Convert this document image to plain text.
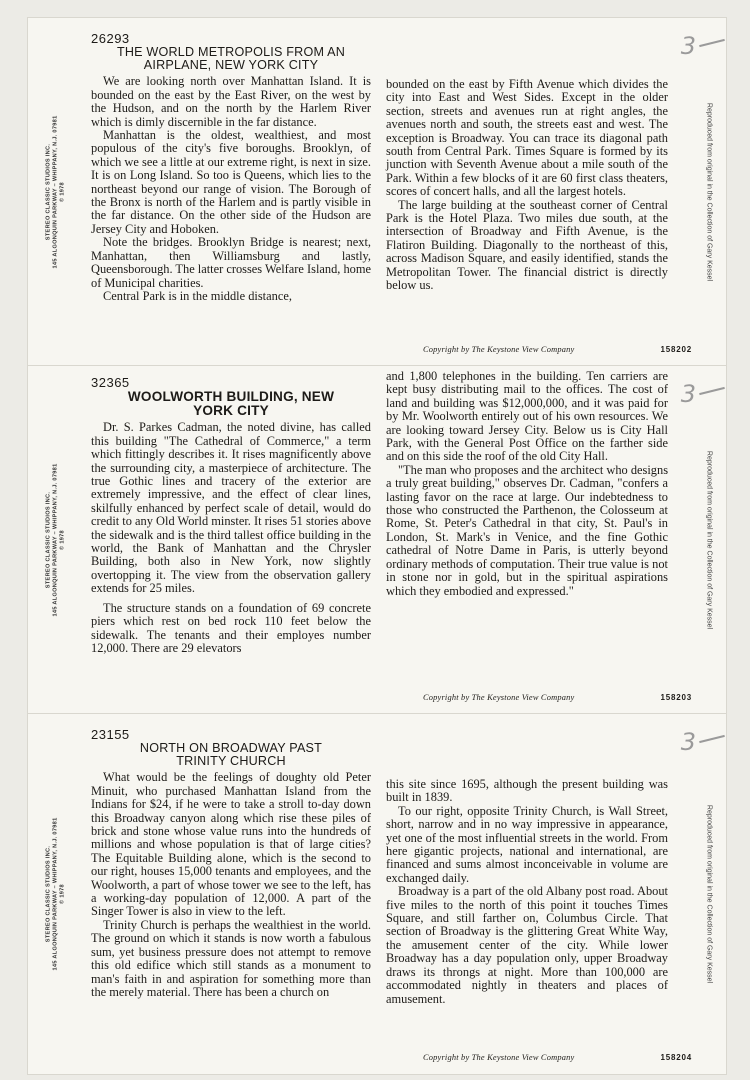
STEREO CLASSIC STUDIOS INC. 145 ALGONQUIN PARKWAY – WHIPPANY, N.J. 07981 © 1978
3
26293
THE WORLD METROPOLIS FROM AN
AIRPLANE, NEW YORK CITY

We are looking north over Manhattan Island. It is bounded on the east by the East River, on the west by the Hudson, and on the north by the Harlem River which is dimly discernible in the far distance.

Manhattan is the oldest, wealthiest, and most populous of the city's five boroughs. Brooklyn, of which we see a little at our extreme right, is next in size. It is on Long Island. So too is Queens, which lies to the northeast beyond our range of vision. The Borough of the Bronx is north of the Harlem and is partly visible in the far distance. On the other side of the Hudson are Jersey City and Hoboken.

Note the bridges. Brooklyn Bridge is nearest; next, Manhattan, then Williamsburg and lastly, Queensborough. The latter crosses Welfare Island, home of Municipal charities.

Central Park is in the middle distance,

bounded on the east by Fifth Avenue which divides the city into East and West Sides. Except in the older section, streets and avenues run at right angles, the avenues north and south, the streets east and west. The exception is Broadway. You can trace its diagonal path south from Central Park. Times Square is formed by its junction with Seventh Avenue about a mile south of the Park. Within a few blocks of it are 60 first class theaters, scores of concert halls, and all the largest hotels.

The large building at the southeast corner of Central Park is the Hotel Plaza. Two miles due south, at the intersection of Broadway and Fifth Avenue, is the Flatiron Building. Diagonally to the northeast of this, across Madison Square, and easily identified, stands the Metropolitan Tower. The financial district is directly below us.

Copyright by The Keystone View Company	158202
Reproduced from original in the Collection of Gary Kessel
STEREO CLASSIC STUDIOS INC. 145 ALGONQUIN PARKWAY – WHIPPANY, N.J. 07981 © 1978
3
32365
WOOLWORTH BUILDING, NEW
YORK CITY

Dr. S. Parkes Cadman, the noted divine, has called this building "The Cathedral of Commerce," a term which fittingly describes it. It rises magnificently above the surrounding city, a masterpiece of architecture. The true Gothic lines and tracery of the exterior are extremely impressive, and the effect of clear lines, skilfully enhanced by perfect scale of detail, would do credit to any Old World minster. It rises 51 stories above the sidewalk and is the third tallest office building in the world, the Bank of Manhattan and the Chrysler Building, both also in New York, now slightly overtopping it. The view from the observation gallery extends for 25 miles.

The structure stands on a foundation of 69 concrete piers which rest on bed rock 110 feet below the sidewalk. The tenants and their employes number 12,000. There are 29 elevators

and 1,800 telephones in the building. Ten carriers are kept busy distributing mail to the offices. The cost of land and building was $12,000,000, and it was paid for by Mr. Woolworth entirely out of his own resources. We are looking toward Jersey City. Below us is City Hall Park, with the General Post Office on the farther side and on this side the roof of the old City Hall.

"The man who proposes and the architect who designs a truly great building," observes Dr. Cadman, "confers a lasting favor on the race at large. Our indebtedness to those who constructed the Parthenon, the Colosseum at Rome, St. Peter's Cathedral in that city, St. Paul's in London, St. Mark's in Venice, and the fine Gothic cathedral of Notre Dame in Paris, is utterly beyond ordinary methods of computation. Their true value is not in stone nor in gold, but in the spiritual aspirations which they embodied and expressed."

Copyright by The Keystone View Company	158203
Reproduced from original in the Collection of Gary Kessel
STEREO CLASSIC STUDIOS INC. 145 ALGONQUIN PARKWAY – WHIPPANY, N.J. 07981 © 1978
3
23155
NORTH ON BROADWAY PAST
TRINITY CHURCH

What would be the feelings of doughty old Peter Minuit, who purchased Manhattan Island from the Indians for $24, if he were to take a stroll to-day down this Broadway canyon along which rise these piles of brick and stone whose value runs into the hundreds of millions and whose population is that of large cities? The Equitable Building alone, which is the second to our right, houses 15,000 tenants and employees, and the Woolworth, a part of whose tower we see to the left, has a working-day population of 12,000. A part of the Singer Tower is also in view to the left.

Trinity Church is perhaps the wealthiest in the world. The ground on which it stands is now worth a fabulous sum, yet business pressure does not attempt to remove this old edifice which still stands as a monument to man's faith in and aspiration for something more than the merely material. There has been a church on

this site since 1695, although the present building was built in 1839.

To our right, opposite Trinity Church, is Wall Street, short, narrow and in no way impressive in appearance, yet one of the most influential streets in the world. From here gigantic projects, national and international, are financed and sums almost inconceivable in volume are exchanged daily.

Broadway is a part of the old Albany post road. About five miles to the north of this point it touches Times Square, and still farther on, Columbus Circle. That section of Broadway is the glittering Great White Way, the amusement center of the city. While lower Broadway has a day population only, upper Broadway draws its throngs at night. More than 100,000 are accommodated nightly in theaters and places of amusement.

Copyright by The Keystone View Company	158204
Reproduced from original in the Collection of Gary Kessel
